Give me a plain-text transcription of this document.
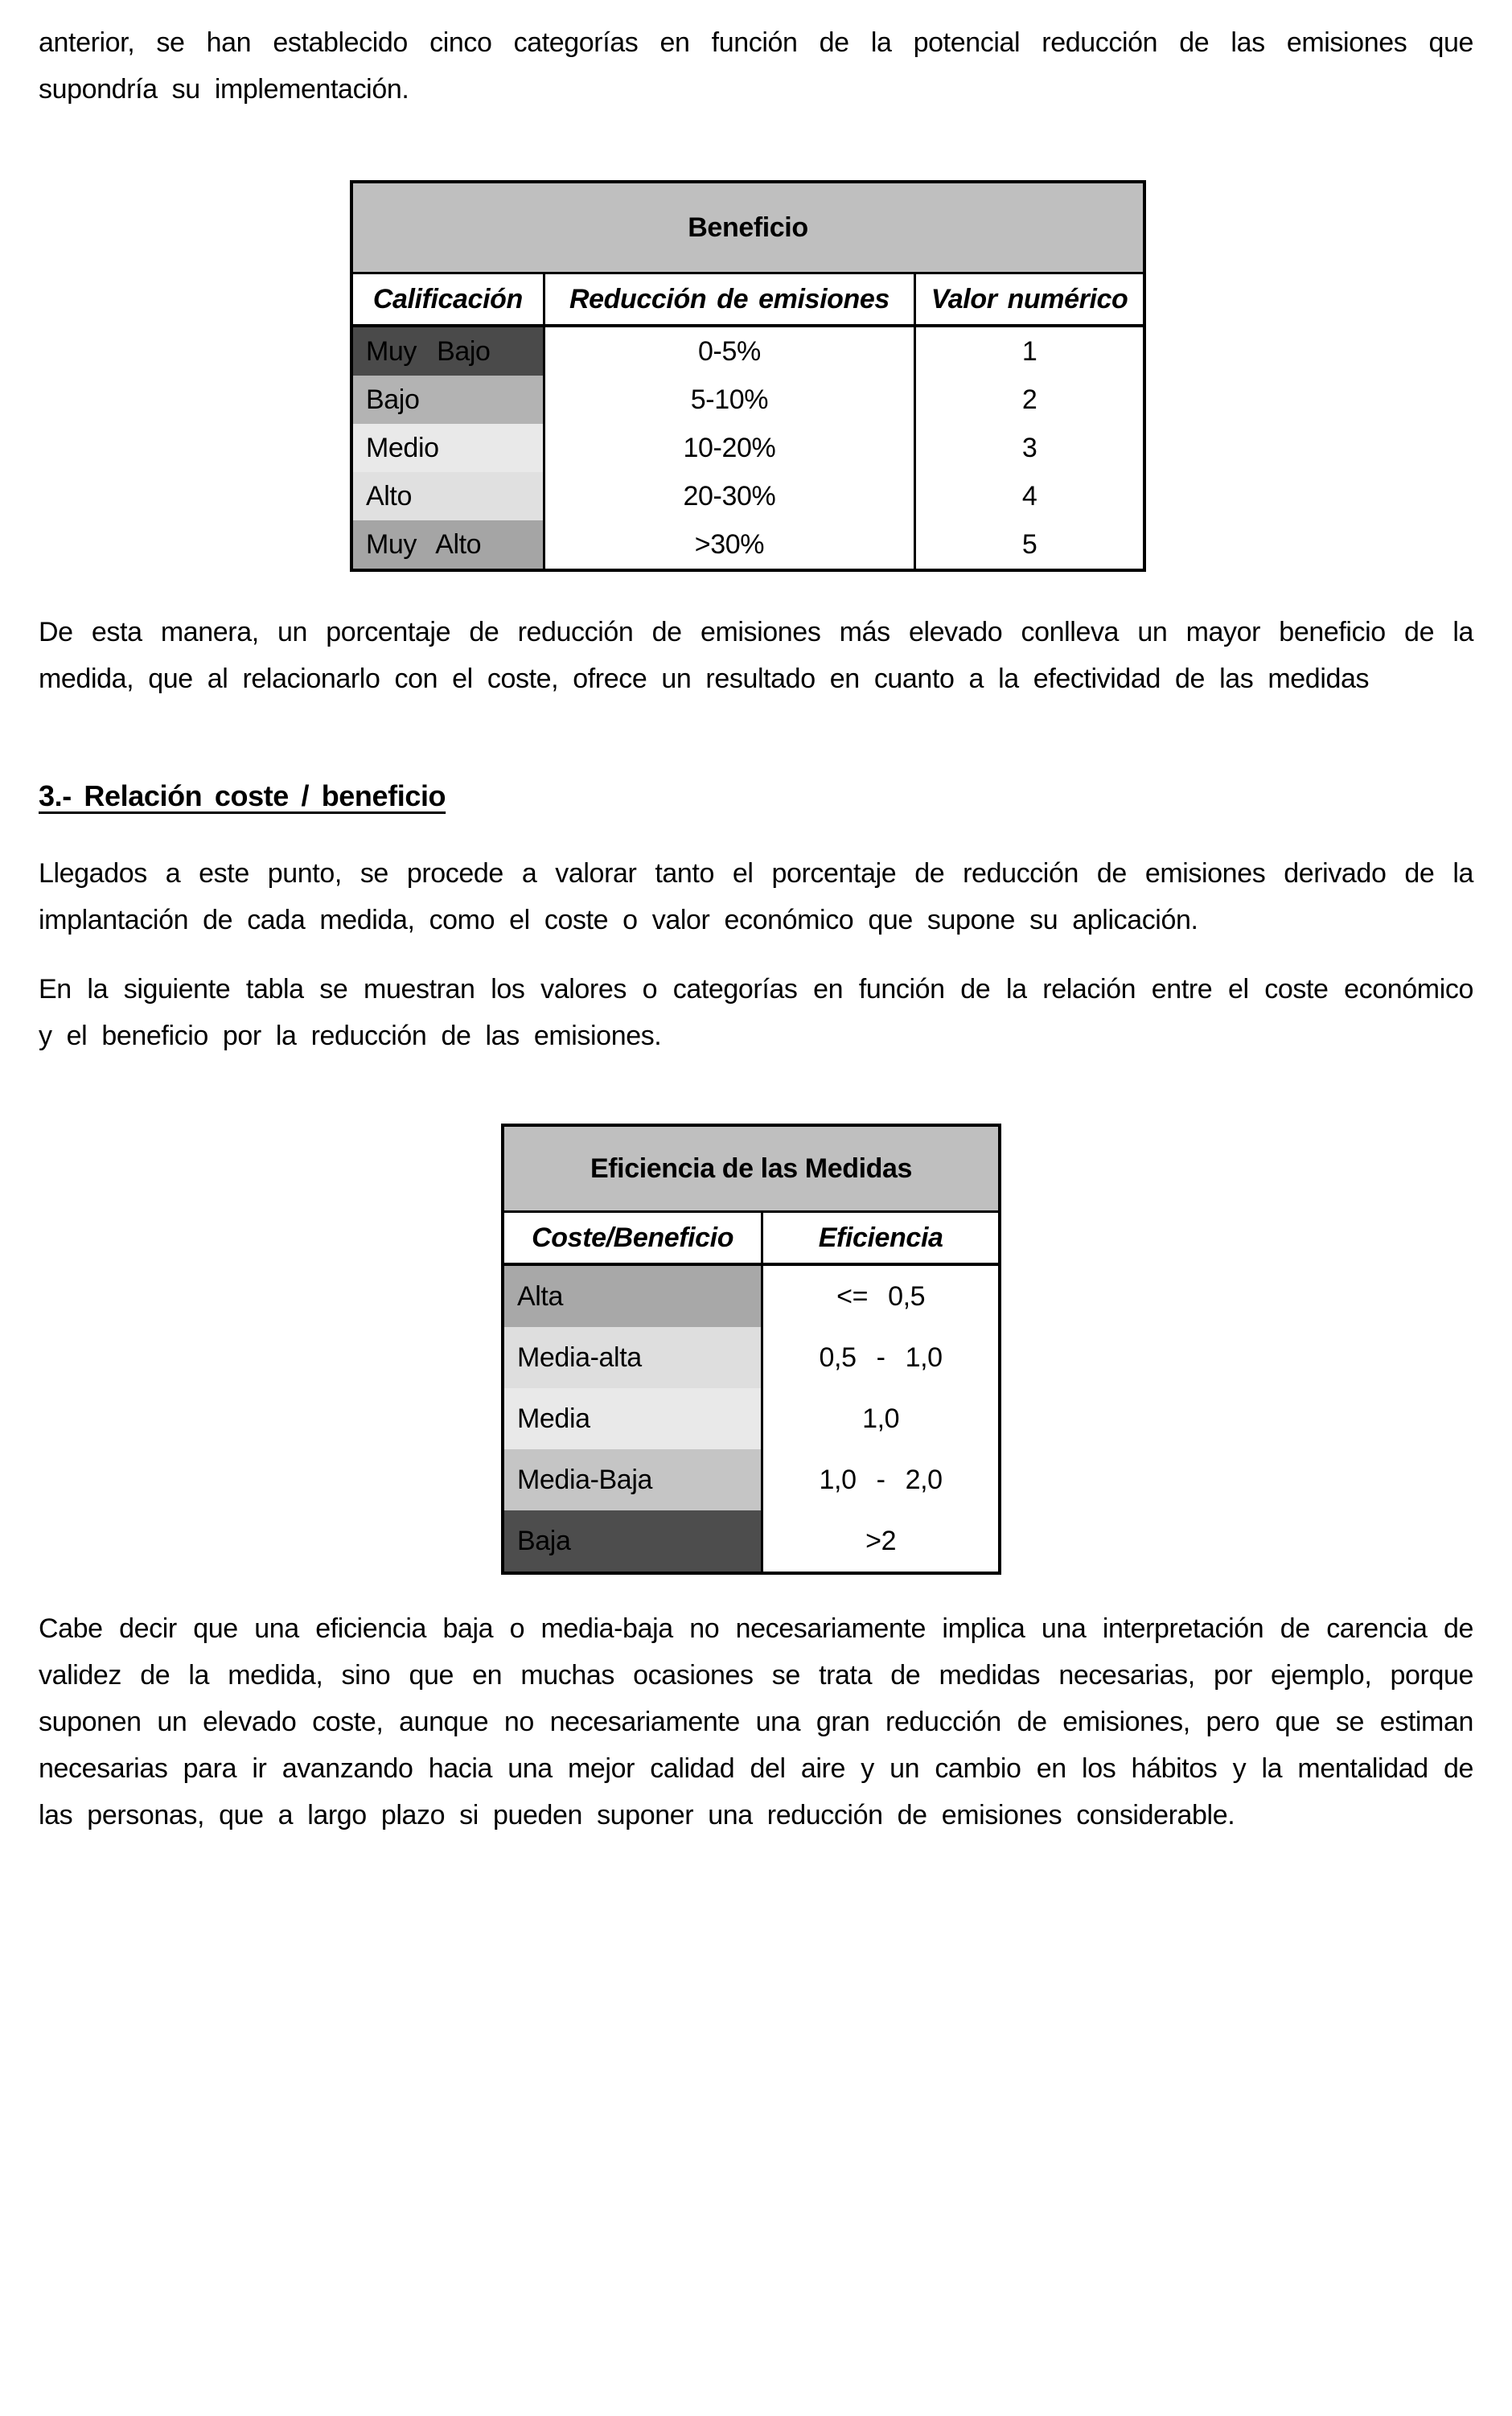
anterior, se han establecido cinco categorías en función de la potencial reducción de las emisiones que supondría su implementación.

Beneficio
Calificación	Reducción de emisiones	Valor numérico
Muy Bajo	0-5%	1
Bajo	5-10%	2
Medio	10-20%	3
Alto	20-30%	4
Muy Alto	>30%	5

De esta manera, un porcentaje de reducción de emisiones más elevado conlleva un mayor beneficio de la medida, que al relacionarlo con el coste, ofrece un resultado en cuanto a la efectividad de las medidas

3.- Relación coste / beneficio

Llegados a este punto, se procede a valorar tanto el porcentaje de reducción de emisiones derivado de la implantación de cada medida, como el coste o valor económico que supone su aplicación.

En la siguiente tabla se muestran los valores o categorías en función de la relación entre el coste económico y el beneficio por la reducción de las emisiones.

Eficiencia de las Medidas
Coste/Beneficio	Eficiencia
Alta	<= 0,5
Media-alta	0,5 - 1,0
Media	1,0
Media-Baja	1,0 - 2,0
Baja	>2

Cabe decir que una eficiencia baja o media-baja no necesariamente implica una interpretación de carencia de validez de la medida, sino que en muchas ocasiones se trata de medidas necesarias, por ejemplo, porque suponen un elevado coste, aunque no necesariamente una gran reducción de emisiones, pero que se estiman necesarias para ir avanzando hacia una mejor calidad del aire y un cambio en los hábitos y la mentalidad de las personas, que a largo plazo si pueden suponer una reducción de emisiones considerable.
